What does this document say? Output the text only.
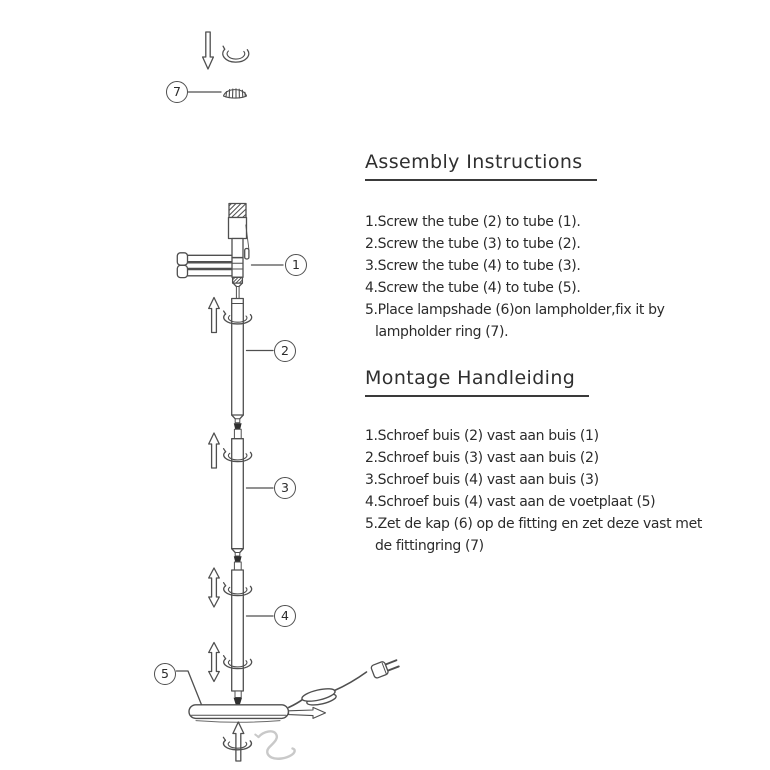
7
1
2
3
4
5
Assembly Instructions

1.Screw the tube (2) to tube (1).

2.Screw the tube (3) to tube (2).

3.Screw the tube (4) to tube (3).

4.Screw the tube (4) to tube (5).

5.Place lampshade (6)on lampholder,fix it by lampholder ring (7).

Montage Handleiding

1.Schroef buis (2) vast aan buis (1)

2.Schroef buis (3) vast aan buis (2)

3.Schroef buis (4) vast aan buis (3)

4.Schroef buis (4) vast aan de voetplaat (5)

5.Zet de kap (6) op de fitting en zet deze vast met de fittingring (7)
